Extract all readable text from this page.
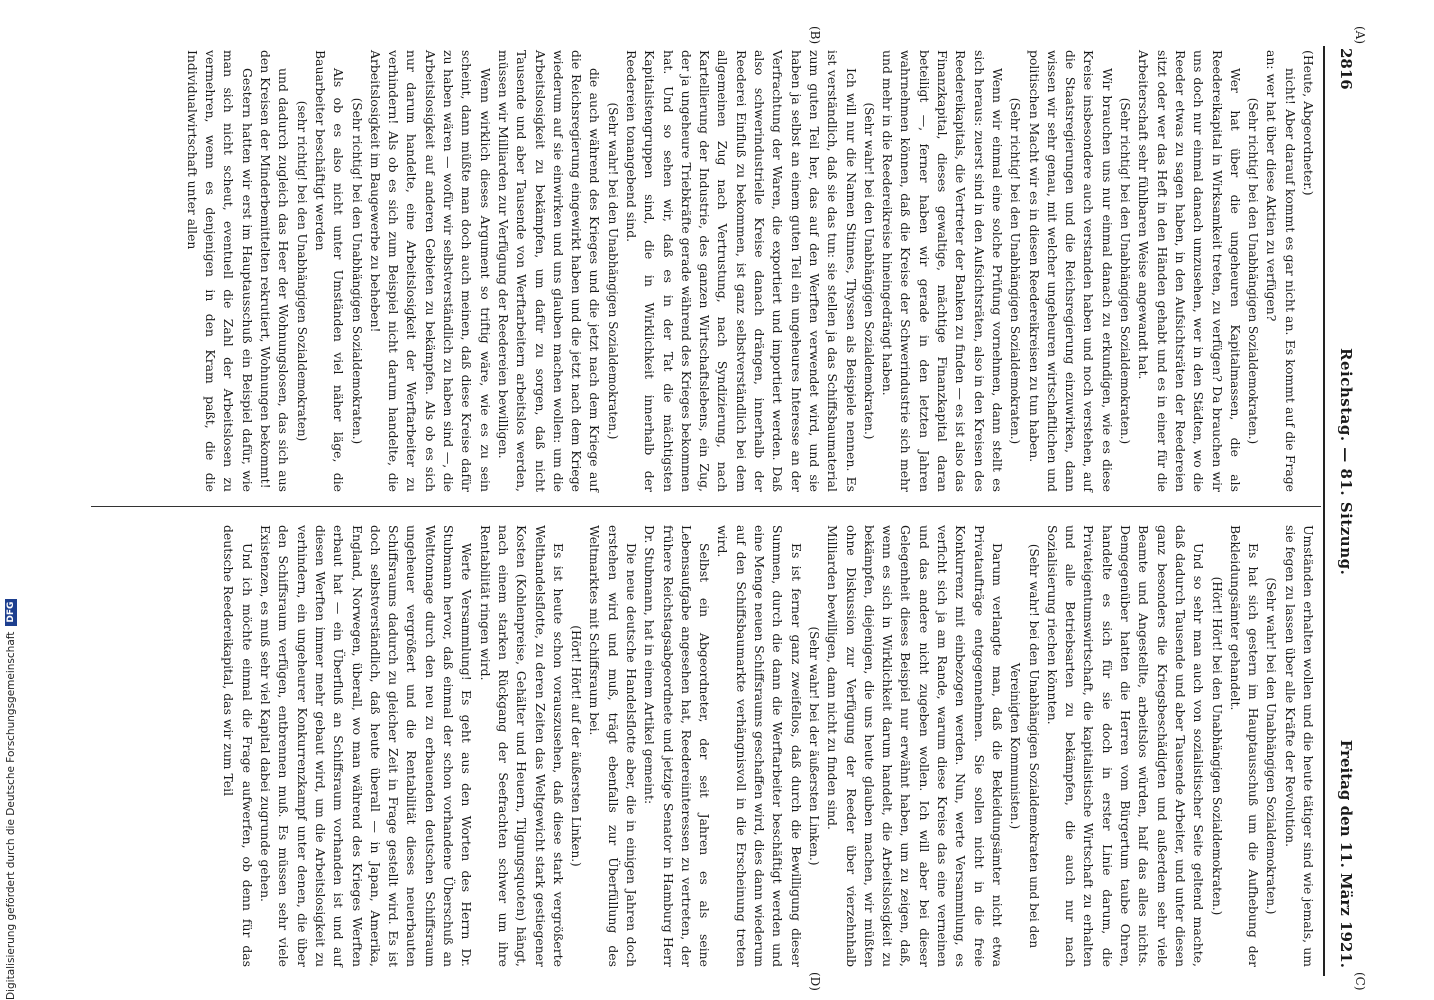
2816
Reichstag. — 81. Sitzung.
Freitag den 11. März 1921.
(A)
(B)
(C)
(D)

(Heute, Abgeordneter.)

nicht! Aber darauf kommt es gar nicht an. Es kommt auf die Frage an: wer hat über diese Aktien zu verfügen?

(Sehr richtig! bei den Unabhängigen Sozialdemokraten.)

Wer hat über die ungeheuren Kapitalmassen, die als Reedereikapital in Wirksamkeit treten, zu verfügen? Da brauchen wir uns doch nur einmal danach umzusehen, wer in den Städten, wo die Reeder etwas zu sagen haben, in den Aufsichtsräten der Reedereien sitzt oder wer das Heft in den Händen gehabt und es in einer für die Arbeiterschaft sehr fühlbaren Weise angewandt hat.

(Sehr richtig! bei den Unabhängigen Sozialdemokraten.)

Wir brauchen uns nur einmal danach zu erkundigen, wie es diese Kreise insbesondere auch verstanden haben und noch verstehen, auf die Staatsregierungen und die Reichsregierung einzuwirken, dann wissen wir sehr genau, mit welcher ungeheuren wirtschaftlichen und politischen Macht wir es in diesen Reedereikreisen zu tun haben.

(Sehr richtig! bei den Unabhängigen Sozialdemokraten.)

Wenn wir einmal eine solche Prüfung vornehmen, dann stellt es sich heraus: zuerst sind in den Aufsichtsräten, also in den Kreisen des Reedereikapitals, die Vertreter der Banken zu finden — es ist also das Finanzkapital, dieses gewaltige, mächtige Finanzkapital daran beteiligt —, ferner haben wir gerade in den letzten Jahren wahrnehmen können, daß die Kreise der Schwerindustrie sich mehr und mehr in die Reedereikreise hineingedrängt haben.

(Sehr wahr! bei den Unabhängigen Sozialdemokraten.)

Ich will nur die Namen Stinnes, Thyssen als Beispiele nennen. Es ist verständlich, daß sie das tun: sie stellen ja das Schiffsbaumaterial zum guten Teil her, das auf den Werften verwendet wird, und sie haben ja selbst an einem guten Teil ein ungeheures Interesse an der Verfrachtung der Waren, die exportiert und importiert werden. Daß also schwerindustrielle Kreise danach drängen, innerhalb der Reederei Einfluß zu bekommen, ist ganz selbstverständlich bei dem allgemeinen Zug nach Vertrustung, nach Syndizierung, nach Kartellierung der Industrie, des ganzen Wirtschaftslebens, ein Zug, der ja ungeheure Triebkräfte gerade während des Krieges bekommen hat. Und so sehen wir, daß es in der Tat die mächtigsten Kapitalistengruppen sind, die in Wirklichkeit innerhalb der Reedereien tonangebend sind.

(Sehr wahr! bei den Unabhängigen Sozialdemokraten.)

die auch während des Krieges und die jetzt nach dem Kriege auf die Reichsregierung eingewirkt haben und die jetzt nach dem Kriege wiederum auf sie einwirken und uns glauben machen wollen: um die Arbeitslosigkeit zu bekämpfen, um dafür zu sorgen, daß nicht Tausende und aber Tausende von Werftarbeitern arbeitslos werden, müssen wir Milliarden zur Verfügung der Reedereien bewilligen.

Wenn wirklich dieses Argument so triftig wäre, wie es zu sein scheint, dann müßte man doch auch meinen, daß diese Kreise dafür zu haben wären — wofür wir selbstverständlich zu haben sind —, die Arbeitslosigkeit auf anderen Gebieten zu bekämpfen. Als ob es sich nur darum handelte, eine Arbeitslosigkeit der Werftarbeiter zu verhindern! Als ob es sich zum Beispiel nicht darum handelte, die Arbeitslosigkeit im Baugewerbe zu beheben!

(Sehr richtig! bei den Unabhängigen Sozialdemokraten.)

Als ob es also nicht unter Umständen viel näher läge, die Bauarbeiter beschäftigt werden

(sehr richtig! bei den Unabhängigen Sozialdemokraten)

und dadurch zugleich das Heer der Wohnungslosen, das sich aus den Kreisen der Minderbemittelten rekrutiert, Wohnungen bekommt!

Gestern hatten wir erst im Hauptausschuß ein Beispiel dafür, wie man sich nicht scheut, eventuell die Zahl der Arbeitslosen zu vermehren, wenn es denjenigen in den Kram paßt, die die Individualwirtschaft unter allen

Umständen erhalten wollen und die heute tätiger sind wie jemals, um sie fegen zu lassen über alle Kräfte der Revolution.

(Sehr wahr! bei den Unabhängigen Sozialdemokraten.)

Es hat sich gestern im Hauptausschuß um die Aufhebung der Bekleidungsämter gehandelt.

(Hört! Hört! bei den Unabhängigen Sozialdemokraten.)

Und so sehr man auch von sozialistischer Seite geltend machte, daß dadurch Tausende und aber Tausende Arbeiter, und unter diesen ganz besonders die Kriegsbeschädigten und außerdem sehr viele Beamte und Angestellte, arbeitslos würden, half das alles nichts. Demgegenüber hatten die Herren vom Bürgertum taube Ohren, handelte es sich für sie doch in erster Linie darum, die Privateigentumswirtschaft, die kapitalistische Wirtschaft zu erhalten und alle Betriebsarten zu bekämpfen, die auch nur nach Sozialisierung riechen könnten.

(Sehr wahr! bei den Unabhängigen Sozialdemokraten und bei den Vereinigten Kommunisten.)

Darum verlangte man, daß die Bekleidungsämter nicht etwa Privataufträge entgegennehmen. Sie sollen nicht in die freie Konkurrenz mit einbezogen werden. Nun, werte Versammlung, es verficht sich ja am Rande, warum diese Kreise das eine verneinen und das andere nicht zugeben wollen. Ich will aber bei dieser Gelegenheit dieses Beispiel nur erwähnt haben, um zu zeigen, daß, wenn es sich in Wirklichkeit darum handelt, die Arbeitslosigkeit zu bekämpfen, diejenigen, die uns heute glauben machen, wir müßten ohne Diskussion zur Verfügung der Reeder über vierzehnhalb Milliarden bewilligen, dann nicht zu finden sind.

(Sehr wahr! bei der äußersten Linken.)

Es ist ferner ganz zweifellos, daß durch die Bewilligung dieser Summen, durch die dann die Werftarbeiter beschäftigt werden und eine Menge neuen Schiffsraums geschaffen wird, dies dann wiederum auf den Schiffsbaumarkte verhängnisvoll in die Erscheinung treten wird.

Selbst ein Abgeordneter, der seit Jahren es als seine Lebensaufgabe angesehen hat, Reedereiinteressen zu vertreten, der frühere Reichstagsabgeordnete und jetzige Senator in Hamburg Herr Dr. Stubmann, hat in einem Artikel gemeint:

Die neue deutsche Handelsflotte aber, die in einigen Jahren doch erstehen wird und muß, trägt ebenfalls zur Überfüllung des Weltmarktes mit Schiffsraum bei.

(Hört! Hört! auf der äußersten Linken.)

Es ist heute schon vorauszusehen, daß diese stark vergrößerte Welthandelsflotte, zu deren Zeiten das Weltgewicht stark gestiegener Kosten (Kohlenpreise, Gehälter und Heuern, Tilgungsquoten) hängt, nach einem starken Rückgang der Seefrachten schwer um ihre Rentabilität ringen wird.

Werte Versammlung! Es geht aus den Worten des Herrn Dr. Stubmann hervor, daß einmal der schon vorhandene Überschuß an Welttonnage durch den neu zu erbauenden deutschen Schiffsraum ungeheuer vergrößert und die Rentabilität dieses neuerbauten Schiffsraums dadurch zu gleicher Zeit in Frage gestellt wird. Es ist doch selbstverständlich, daß heute überall — in Japan, Amerika, England, Norwegen, überall, wo man während des Krieges Werften erbaut hat — ein Überfluß an Schiffsraum vorhanden ist und auf diesen Werften immer mehr gebaut wird, um die Arbeitslosigkeit zu verhindern, ein ungeheurer Konkurrenzkampf unter denen, die über den Schiffsraum verfügen, entbrennen muß. Es müssen sehr viele Existenzen, es muß sehr viel Kapital dabei zugrunde gehen.

Und ich möchte einmal die Frage aufwerfen, ob denn für das deutsche Reedereikapital, das wir zum Teil

Digitalisierung gefördert durch die Deutsche Forschungsgemeinschaft
DFG
